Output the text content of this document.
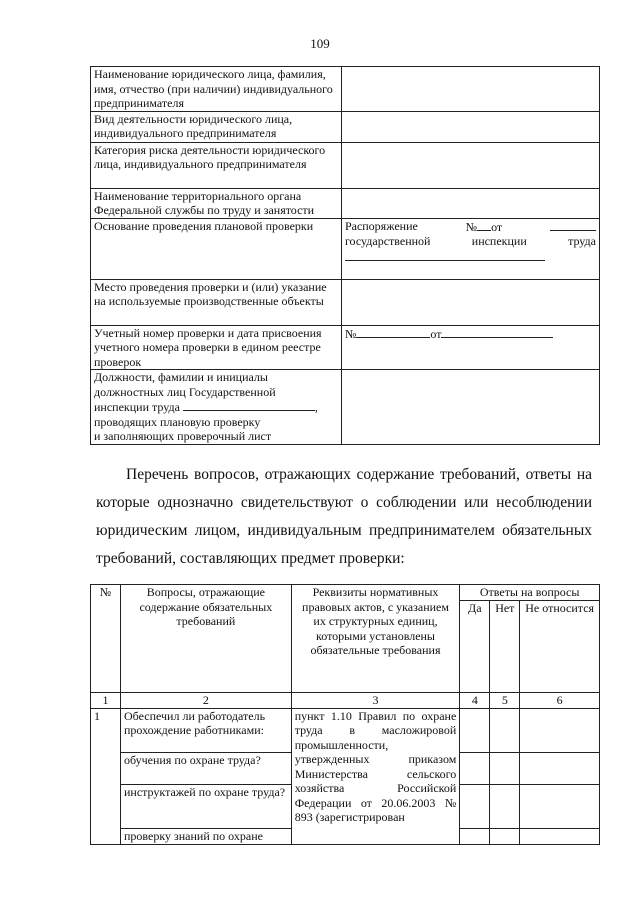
109
Наименование юридического лица, фамилия, имя, отчество (при наличии) индивидуального предпринимателя	
Вид деятельности юридического лица, индивидуального предпринимателя	
Категория риска деятельности юридического лица, индивидуального предпринимателя	
Наименование территориального органа Федеральной службы по труду и занятости	
Основание проведения плановой проверки	Распоряжение № от
государственной инспекции труда

Место проведения проверки и (или) указание на используемые производственные объекты	
Учетный номер проверки и дата присвоения учетного номера проверки в едином реестре проверок	№ от

Должности, фамилии и инициалы
должностных лиц Государственной
инспекции труда ,
проводящих плановую проверку
и заполняющих проверочный лист	

Перечень вопросов, отражающих содержание требований, ответы на
которые однозначно свидетельствуют о соблюдении или несоблюдении
юридическим лицом, индивидуальным предпринимателем обязательных
требований, составляющих предмет проверки:
№	Вопросы, отражающие содержание обязательных требований	Реквизиты нормативных правовых актов, с указанием их структурных единиц, которыми установлены обязательные требования	Ответы на вопросы		
			Да	Нет	Не относится
1	2	3	4	5	6
1	Обеспечил ли работодатель прохождение работниками:	пункт 1.10 Правил по охране труда в масложировой промышленности, утвержденных приказом Министерства сельского хозяйства Российской Федерации от 20.06.2003 № 893 (зарегистрирован			
	обучения по охране труда?				
	инструктажей по охране труда?				
	проверку знаний по охране				
